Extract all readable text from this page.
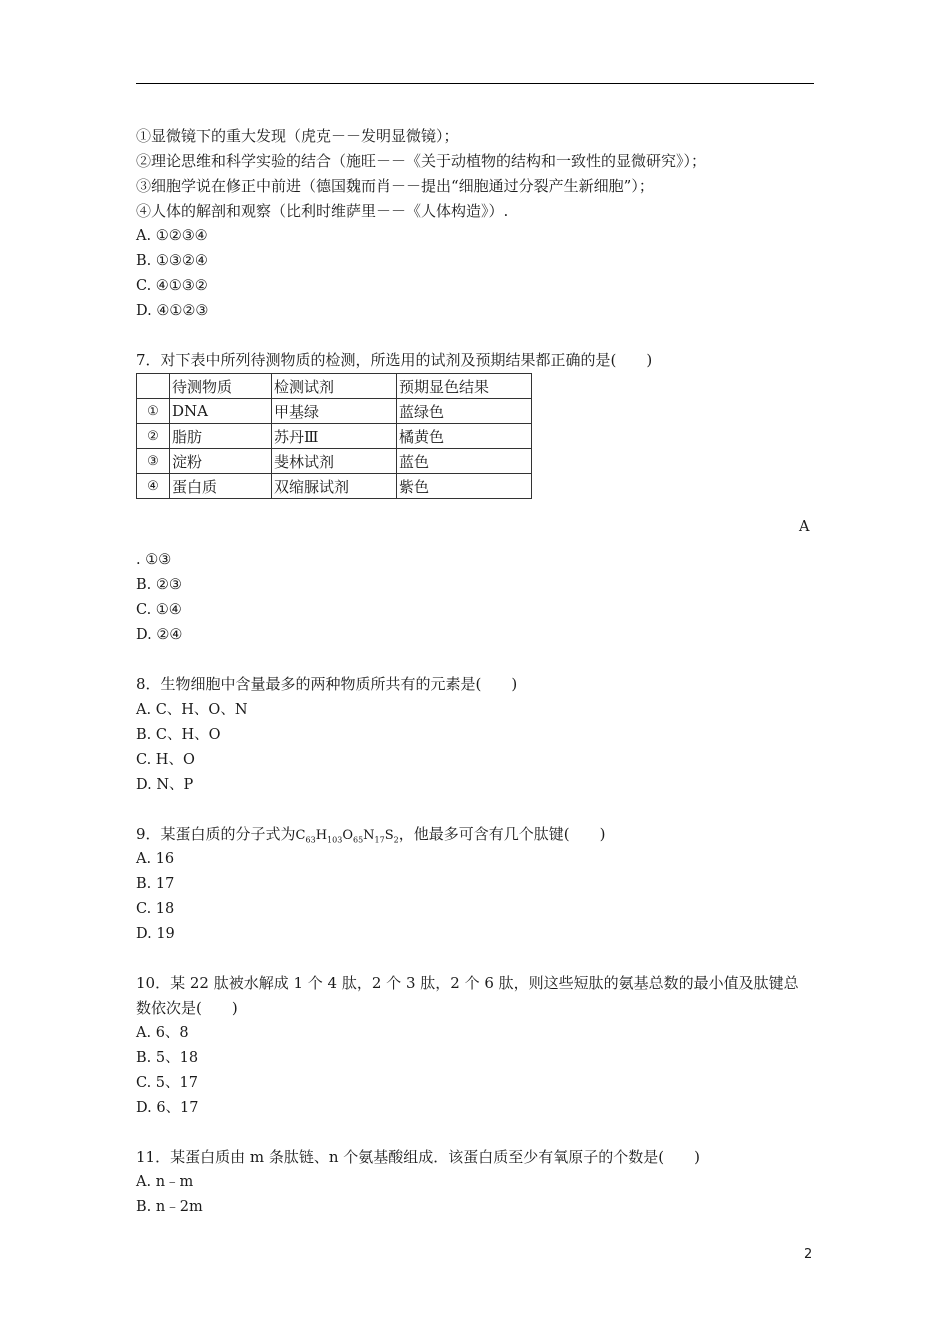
①显微镜下的重大发现（虎克－－发明显微镜）；
②理论思维和科学实验的结合（施旺－－《关于动植物的结构和一致性的显微研究》）；
③细胞学说在修正中前进（德国魏而肖－－提出“细胞通过分裂产生新细胞”）；
④人体的解剖和观察（比利时维萨里－－《人体构造》）.
A. ①②③④
B. ①③②④
C. ④①③②
D. ④①②③
7．对下表中所列待测物质的检测，所选用的试剂及预期结果都正确的是(　　)
	待测物质	检测试剂	预期显色结果
①	DNA	甲基绿	蓝绿色
②	脂肪	苏丹Ⅲ	橘黄色
③	淀粉	斐林试剂	蓝色
④	蛋白质	双缩脲试剂	紫色
A
. ①③
B. ②③
C. ①④
D. ②④
8．生物细胞中含量最多的两种物质所共有的元素是(　　)
A. C、H、O、N
B. C、H、O
C. H、O
D. N、P
9．某蛋白质的分子式为$C_{63}H_{103}O_{65}N_{17}S_2$，他最多可含有几个肽键(　　)
A. 16
B. 17
C. 18
D. 19
10．某 22 肽被水解成 1 个 4 肽，2 个 3 肽，2 个 6 肽，则这些短肽的氨基总数的最小值及肽键总
数依次是(　　)
A. 6、8
B. 5、18
C. 5、17
D. 6、17
11．某蛋白质由 m 条肽链、n 个氨基酸组成．该蛋白质至少有氧原子的个数是(　　)
A. n﹣m
B. n﹣2m
2
